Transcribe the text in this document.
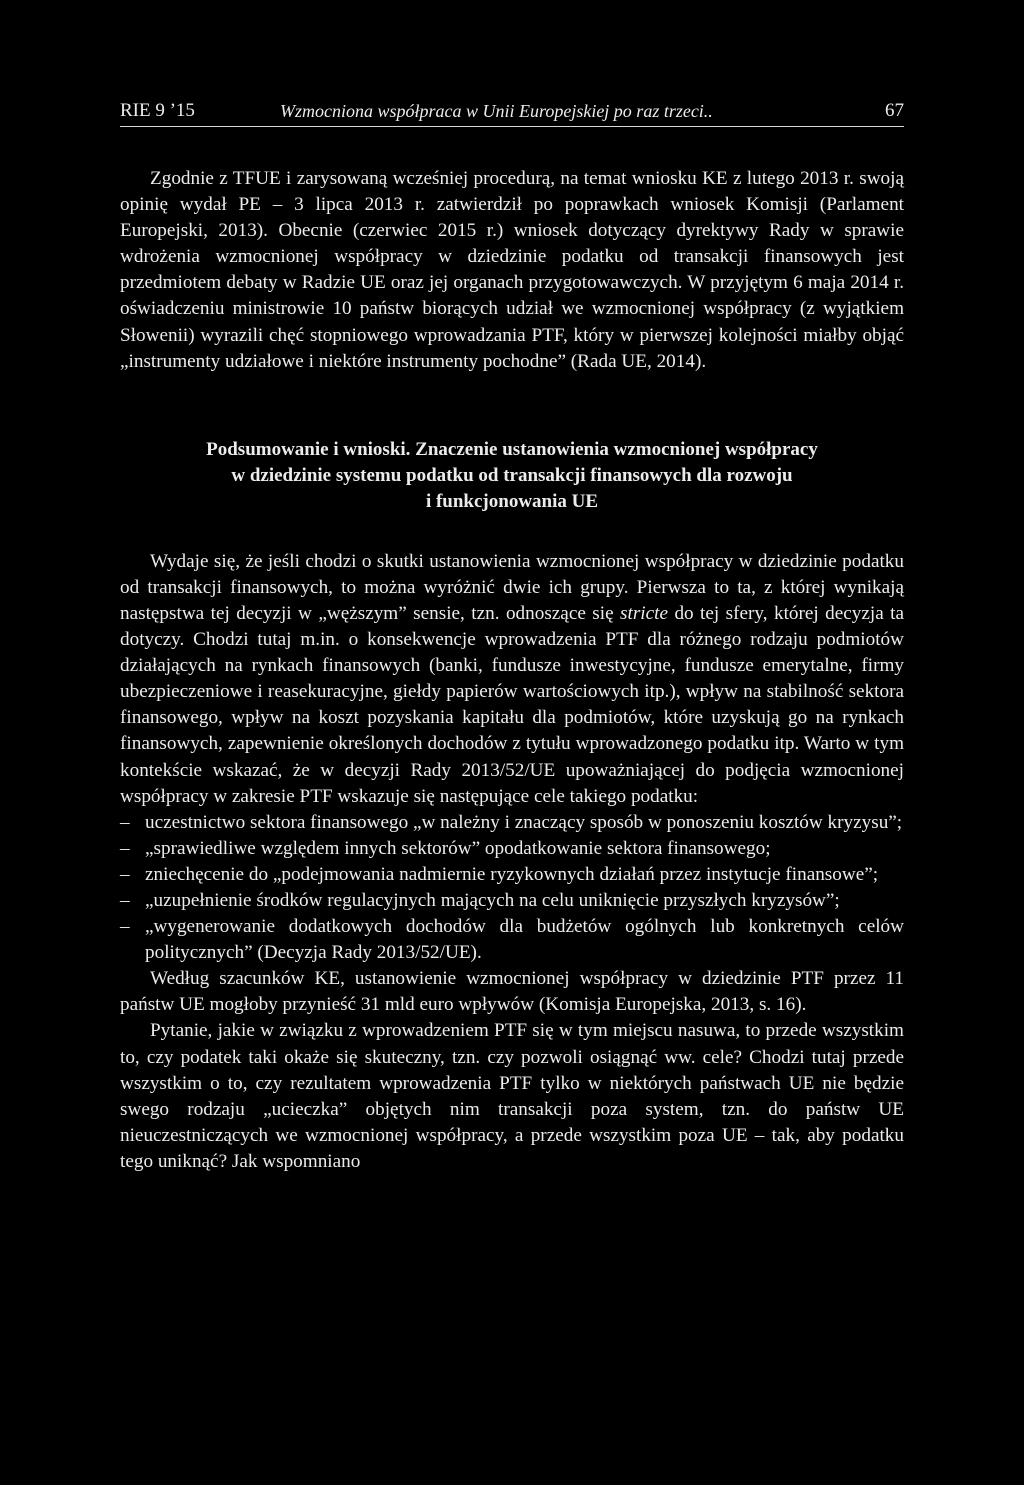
RIE 9 ’15	Wzmocniona współpraca w Unii Europejskiej po raz trzeci..	67

Zgodnie z TFUE i zarysowaną wcześniej procedurą, na temat wniosku KE z lutego 2013 r. swoją opinię wydał PE – 3 lipca 2013 r. zatwierdził po poprawkach wniosek Komisji (Parlament Europejski, 2013). Obecnie (czerwiec 2015 r.) wniosek dotyczący dyrektywy Rady w sprawie wdrożenia wzmocnionej współpracy w dziedzinie podatku od transakcji finansowych jest przedmiotem debaty w Radzie UE oraz jej organach przygotowawczych. W przyjętym 6 maja 2014 r. oświadczeniu ministrowie 10 państw biorących udział we wzmocnionej współpracy (z wyjątkiem Słowenii) wyrazili chęć stopniowego wprowadzania PTF, który w pierwszej kolejności miałby objąć „instrumenty udziałowe i niektóre instrumenty pochodne” (Rada UE, 2014).

Podsumowanie i wnioski. Znaczenie ustanowienia wzmocnionej współpracy
w dziedzinie systemu podatku od transakcji finansowych dla rozwoju
i funkcjonowania UE

Wydaje się, że jeśli chodzi o skutki ustanowienia wzmocnionej współpracy w dziedzinie podatku od transakcji finansowych, to można wyróżnić dwie ich grupy. Pierwsza to ta, z której wynikają następstwa tej decyzji w „węższym” sensie, tzn. odnoszące się stricte do tej sfery, której decyzja ta dotyczy. Chodzi tutaj m.in. o konsekwencje wprowadzenia PTF dla różnego rodzaju podmiotów działających na rynkach finansowych (banki, fundusze inwestycyjne, fundusze emerytalne, firmy ubezpieczeniowe i reasekuracyjne, giełdy papierów wartościowych itp.), wpływ na stabilność sektora finansowego, wpływ na koszt pozyskania kapitału dla podmiotów, które uzyskują go na rynkach finansowych, zapewnienie określonych dochodów z tytułu wprowadzonego podatku itp. Warto w tym kontekście wskazać, że w decyzji Rady 2013/52/UE upoważniającej do podjęcia wzmocnionej współpracy w zakresie PTF wskazuje się następujące cele takiego podatku:

– uczestnictwo sektora finansowego „w należny i znaczący sposób w ponoszeniu kosztów kryzysu”;
– „sprawiedliwe względem innych sektorów” opodatkowanie sektora finansowego;
– zniechęcenie do „podejmowania nadmiernie ryzykownych działań przez instytucje finansowe”;
– „uzupełnienie środków regulacyjnych mających na celu uniknięcie przyszłych kryzysów”;
– „wygenerowanie dodatkowych dochodów dla budżetów ogólnych lub konkretnych celów politycznych” (Decyzja Rady 2013/52/UE).

Według szacunków KE, ustanowienie wzmocnionej współpracy w dziedzinie PTF przez 11 państw UE mogłoby przynieść 31 mld euro wpływów (Komisja Europejska, 2013, s. 16).

Pytanie, jakie w związku z wprowadzeniem PTF się w tym miejscu nasuwa, to przede wszystkim to, czy podatek taki okaże się skuteczny, tzn. czy pozwoli osiągnąć ww. cele? Chodzi tutaj przede wszystkim o to, czy rezultatem wprowadzenia PTF tylko w niektórych państwach UE nie będzie swego rodzaju „ucieczka” objętych nim transakcji poza system, tzn. do państw UE nieuczestniczących we wzmocnionej współpracy, a przede wszystkim poza UE – tak, aby podatku tego uniknąć? Jak wspomniano
